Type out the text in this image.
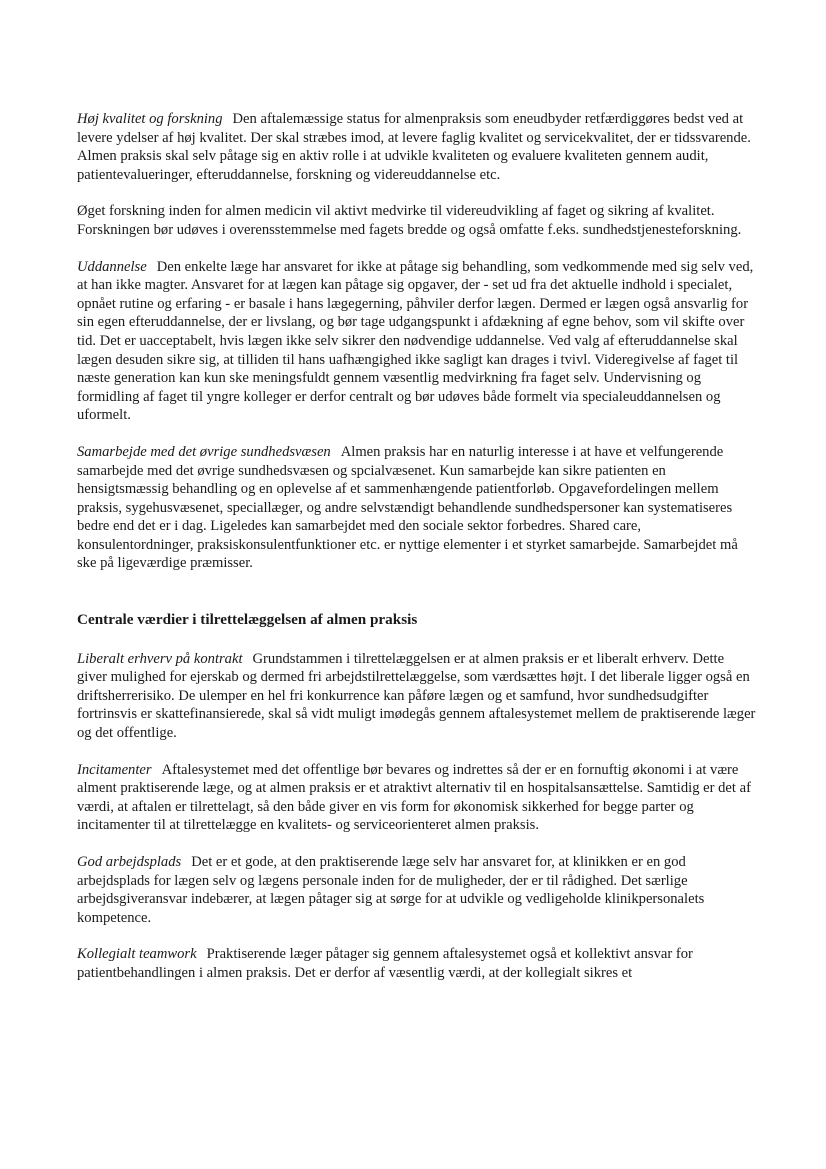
Høj kvalitet og forskning Den aftalemæssige status for almenpraksis som eneudbyder retfærdiggøres bedst ved at levere ydelser af høj kvalitet. Der skal stræbes imod, at levere faglig kvalitet og servicekvalitet, der er tidssvarende. Almen praksis skal selv påtage sig en aktiv rolle i at udvikle kvaliteten og evaluere kvaliteten gennem audit, patientevalueringer, efteruddannelse, forskning og videreuddannelse etc.

Øget forskning inden for almen medicin vil aktivt medvirke til videreudvikling af faget og sikring af kvalitet. Forskningen bør udøves i overensstemmelse med fagets bredde og også omfatte f.eks. sundhedstjenesteforskning.

Uddannelse Den enkelte læge har ansvaret for ikke at påtage sig behandling, som vedkommende med sig selv ved, at han ikke magter. Ansvaret for at lægen kan påtage sig opgaver, der - set ud fra det aktuelle indhold i specialet, opnået rutine og erfaring - er basale i hans lægegerning, påhviler derfor lægen. Dermed er lægen også ansvarlig for sin egen efteruddannelse, der er livslang, og bør tage udgangspunkt i afdækning af egne behov, som vil skifte over tid. Det er uacceptabelt, hvis lægen ikke selv sikrer den nødvendige uddannelse. Ved valg af efteruddannelse skal lægen desuden sikre sig, at tilliden til hans uafhængighed ikke sagligt kan drages i tvivl. Videregivelse af faget til næste generation kan kun ske meningsfuldt gennem væsentlig medvirkning fra faget selv. Undervisning og formidling af faget til yngre kolleger er derfor centralt og bør udøves både formelt via specialeuddannelsen og uformelt.

Samarbejde med det øvrige sundhedsvæsen Almen praksis har en naturlig interesse i at have et velfungerende samarbejde med det øvrige sundhedsvæsen og spcialvæsenet. Kun samarbejde kan sikre patienten en hensigtsmæssig behandling og en oplevelse af et sammenhængende patientforløb. Opgavefordelingen mellem praksis, sygehusvæsenet, speciallæger, og andre selvstændigt behandlende sundhedspersoner kan systematiseres bedre end det er i dag. Ligeledes kan samarbejdet med den sociale sektor forbedres. Shared care, konsulentordninger, praksiskonsulentfunktioner etc. er nyttige elementer i et styrket samarbejde. Samarbejdet må ske på ligeværdige præmisser.

Centrale værdier i tilrettelæggelsen af almen praksis

Liberalt erhverv på kontrakt Grundstammen i tilrettelæggelsen er at almen praksis er et liberalt erhverv. Dette giver mulighed for ejerskab og dermed fri arbejdstilrettelæggelse, som værdsættes højt. I det liberale ligger også en driftsherrerisiko. De ulemper en hel fri konkurrence kan påføre lægen og et samfund, hvor sundhedsudgifter fortrinsvis er skattefinansierede, skal så vidt muligt imødegås gennem aftalesystemet mellem de praktiserende læger og det offentlige.

Incitamenter Aftalesystemet med det offentlige bør bevares og indrettes så der er en fornuftig økonomi i at være alment praktiserende læge, og at almen praksis er et atraktivt alternativ til en hospitalsansættelse. Samtidig er det af værdi, at aftalen er tilrettelagt, så den både giver en vis form for økonomisk sikkerhed for begge parter og incitamenter til at tilrettelægge en kvalitets- og serviceorienteret almen praksis.

God arbejdsplads Det er et gode, at den praktiserende læge selv har ansvaret for, at klinikken er en god arbejdsplads for lægen selv og lægens personale inden for de muligheder, der er til rådighed. Det særlige arbejdsgiveransvar indebærer, at lægen påtager sig at sørge for at udvikle og vedligeholde klinikpersonalets kompetence.

Kollegialt teamwork Praktiserende læger påtager sig gennem aftalesystemet også et kollektivt ansvar for patientbehandlingen i almen praksis. Det er derfor af væsentlig værdi, at der kollegialt sikres et
